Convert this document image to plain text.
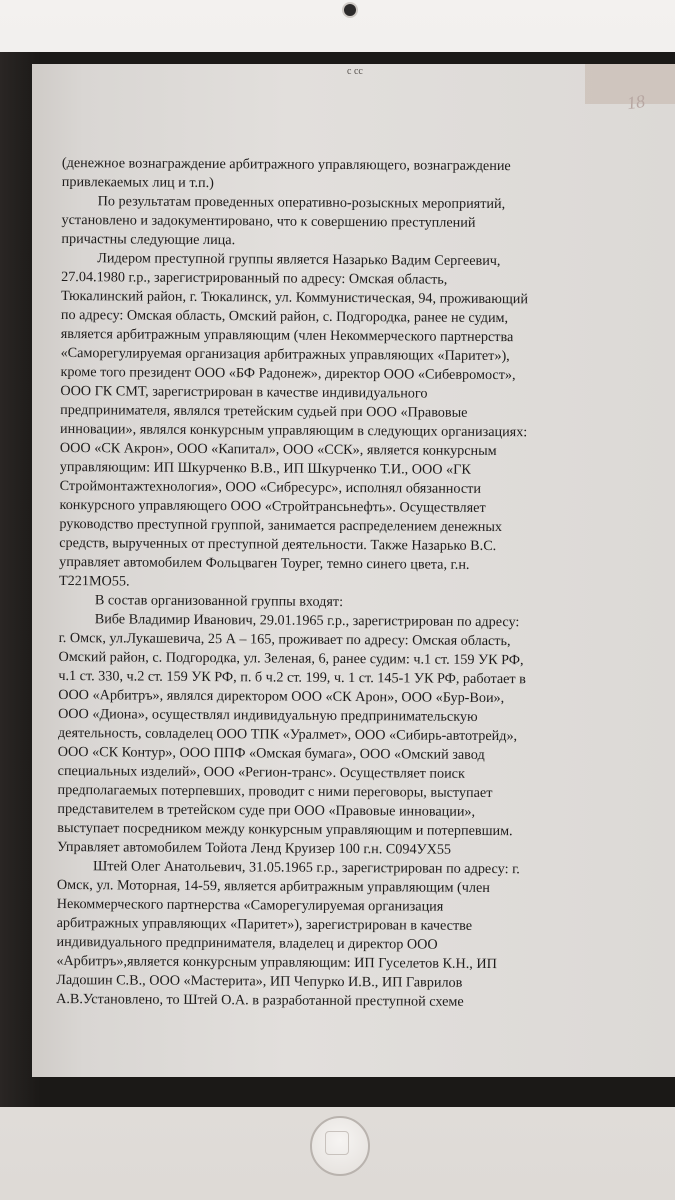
с сс
18
(денежное вознаграждение арбитражного управляющего, вознаграждение
привлекаемых лиц и т.п.)
По результатам проведенных оперативно-розыскных мероприятий,
установлено и задокументировано, что к совершению преступлений
причастны следующие лица.
Лидером преступной группы является Назарько Вадим Сергеевич,
27.04.1980 г.р., зарегистрированный по адресу: Омская область,
Тюкалинский район, г. Тюкалинск, ул. Коммунистическая, 94, проживающий
по адресу: Омская область, Омский район, с. Подгородка, ранее не судим,
является арбитражным управляющим (член Некоммерческого партнерства
«Саморегулируемая организация арбитражных управляющих «Паритет»),
кроме того президент ООО «БФ Радонеж», директор ООО «Сибевромост»,
ООО ГК СМТ, зарегистрирован в качестве индивидуального
предпринимателя, являлся третейским судьей при ООО «Правовые
инновации», являлся конкурсным управляющим в следующих организациях:
ООО «СК Акрон», ООО «Капитал», ООО «ССК», является конкурсным
управляющим: ИП Шкурченко В.В., ИП Шкурченко Т.И., ООО «ГК
Строймонтажтехнология», ООО «Сибресурс», исполнял обязанности
конкурсного управляющего ООО «Стройтрансьнефть». Осуществляет
руководство преступной группой, занимается распределением денежных
средств, вырученных от преступной деятельности. Также Назарько В.С.
управляет автомобилем Фольцваген Тоурег, темно синего цвета, г.н.
Т221МО55.
В состав организованной группы входят:
Вибе Владимир Иванович, 29.01.1965 г.р., зарегистрирован по адресу:
г. Омск, ул.Лукашевича, 25 А – 165, проживает по адресу: Омская область,
Омский район, с. Подгородка, ул. Зеленая, 6, ранее судим: ч.1 ст. 159 УК РФ,
ч.1 ст. 330, ч.2 ст. 159 УК РФ, п. б ч.2 ст. 199, ч. 1 ст. 145-1 УК РФ, работает в
ООО «Арбитръ», являлся директором ООО «СК Арон», ООО «Бур-Вои»,
ООО «Диона», осуществлял индивидуальную предпринимательскую
деятельность, совладелец ООО ТПК «Уралмет», ООО «Сибирь-автотрейд»,
ООО «СК Контур», ООО ППФ «Омская бумага», ООО «Омский завод
специальных изделий», ООО «Регион-транс». Осуществляет поиск
предполагаемых потерпевших, проводит с ними переговоры, выступает
представителем в третейском суде при ООО «Правовые инновации»,
выступает посредником между конкурсным управляющим и потерпевшим.
Управляет автомобилем Тойота Ленд Круизер 100 г.н. С094УХ55
Штей Олег Анатольевич, 31.05.1965 г.р., зарегистрирован по адресу: г.
Омск, ул. Моторная, 14-59, является арбитражным управляющим (член
Некоммерческого партнерства «Саморегулируемая организация
арбитражных управляющих «Паритет»), зарегистрирован в качестве
индивидуального предпринимателя, владелец и директор ООО
«Арбитръ»,является конкурсным управляющим: ИП Гуселетов К.Н., ИП
Ладошин С.В., ООО «Мастерита», ИП Чепурко И.В., ИП Гаврилов
А.В.Установлено, то Штей О.А. в разработанной преступной схеме
